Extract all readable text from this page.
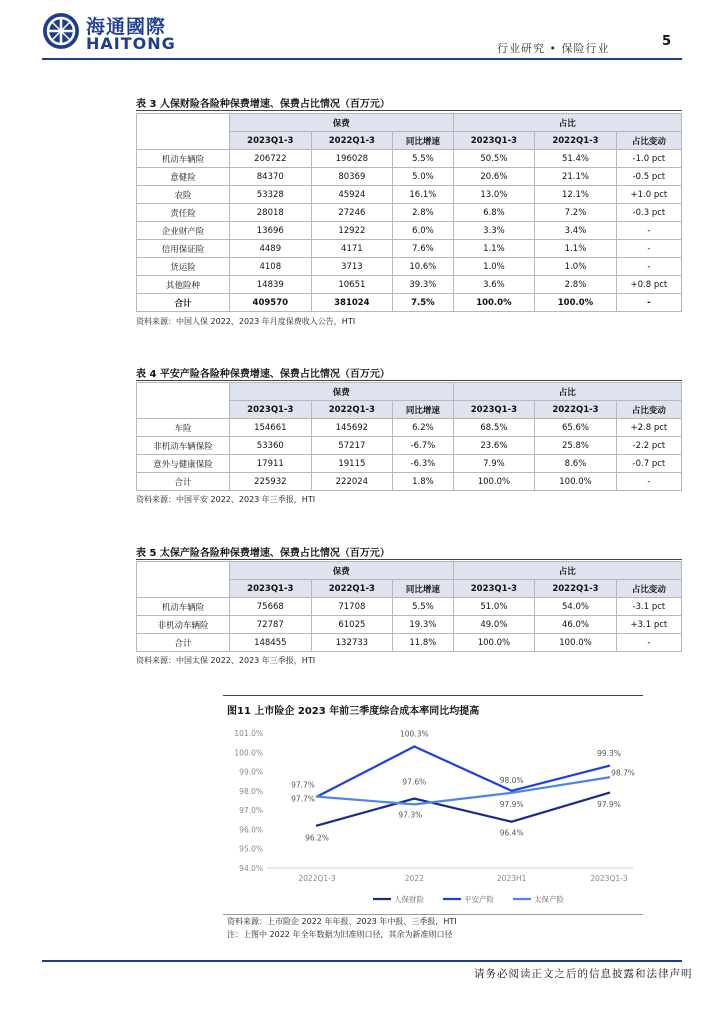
海通國際
HAITONG	行业研究 • 保险行业	5
表 3 人保财险各险种保费增速、保费占比情况（百万元）
	保费			占比		
	2023Q1-3	2022Q1-3	同比增速	2023Q1-3	2022Q1-3	占比变动
机动车辆险	206722	196028	5.5%	50.5%	51.4%	-1.0 pct
意健险	84370	80369	5.0%	20.6%	21.1%	-0.5 pct
农险	53328	45924	16.1%	13.0%	12.1%	+1.0 pct
责任险	28018	27246	2.8%	6.8%	7.2%	-0.3 pct
企业财产险	13696	12922	6.0%	3.3%	3.4%	-
信用保证险	4489	4171	7.6%	1.1%	1.1%	-
货运险	4108	3713	10.6%	1.0%	1.0%	-
其他险种	14839	10651	39.3%	3.6%	2.8%	+0.8 pct
合计	409570	381024	7.5%	100.0%	100.0%	-
资料来源：中国人保 2022、2023 年月度保费收入公告，HTI
表 4 平安产险各险种保费增速、保费占比情况（百万元）
	保费			占比		
	2023Q1-3	2022Q1-3	同比增速	2023Q1-3	2022Q1-3	占比变动
车险	154661	145692	6.2%	68.5%	65.6%	+2.8 pct
非机动车辆保险	53360	57217	-6.7%	23.6%	25.8%	-2.2 pct
意外与健康保险	17911	19115	-6.3%	7.9%	8.6%	-0.7 pct
合计	225932	222024	1.8%	100.0%	100.0%	-
资料来源：中国平安 2022、2023 年三季报，HTI
表 5 太保产险各险种保费增速、保费占比情况（百万元）
	保费			占比		
	2023Q1-3	2022Q1-3	同比增速	2023Q1-3	2022Q1-3	占比变动
机动车辆险	75668	71708	5.5%	51.0%	54.0%	-3.1 pct
非机动车辆险	72787	61025	19.3%	49.0%	46.0%	+3.1 pct
合计	148455	132733	11.8%	100.0%	100.0%	-
资料来源：中国太保 2022、2023 年三季报，HTI
图11 上市险企 2023 年前三季度综合成本率同比均提高
94.0%
95.0%
96.0%
97.0%
98.0%
99.0%
100.0%
101.0%
2022Q1-3	2022	2023H1	2023Q1-3
96.2%
97.6%
96.4%
97.9%
97.7%
100.3%
98.0%
99.3%
97.7%
97.3%
97.9%
98.7%
人保财险	平安产险	太保产险
资料来源：上市险企 2022 年年报、2023 年中报、三季报，HTI
注：上图中 2022 年全年数据为旧准则口径，其余为新准则口径
请务必阅读正文之后的信息披露和法律声明
